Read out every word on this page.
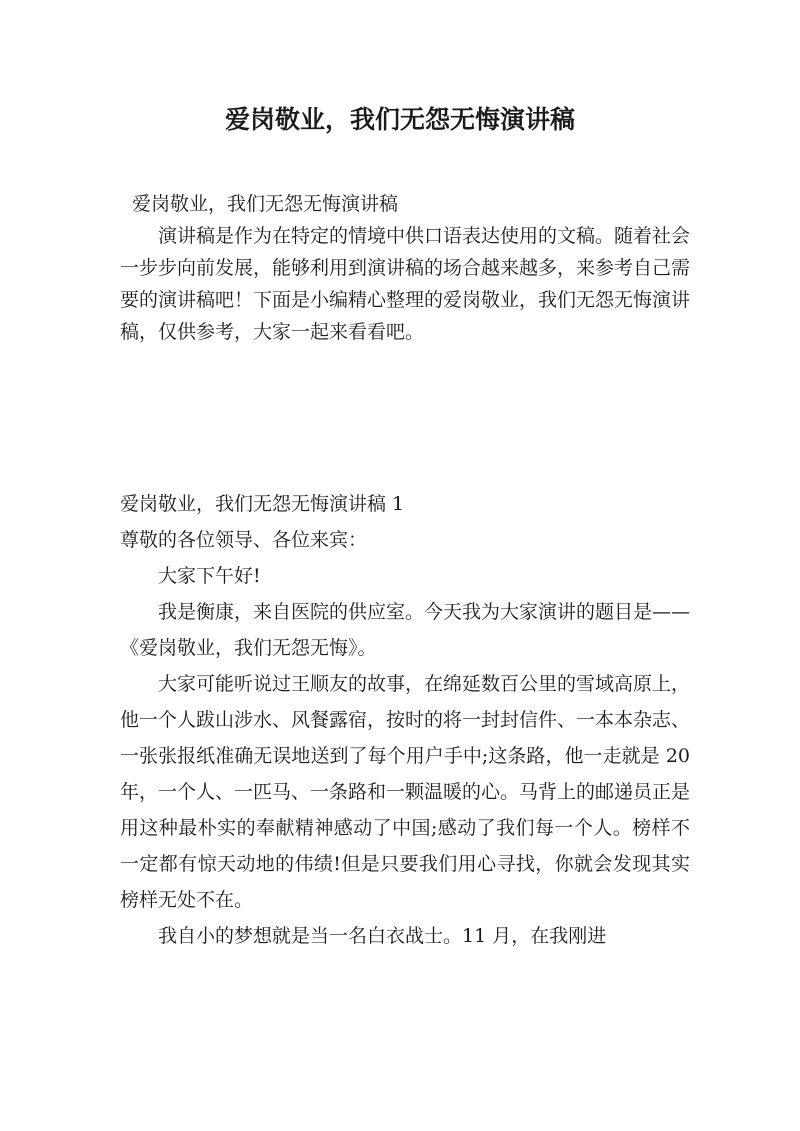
爱岗敬业，我们无怨无悔演讲稿

爱岗敬业，我们无怨无悔演讲稿

演讲稿是作为在特定的情境中供口语表达使用的文稿。随着社会一步步向前发展，能够利用到演讲稿的场合越来越多，来参考自己需要的演讲稿吧！下面是小编精心整理的爱岗敬业，我们无怨无悔演讲稿，仅供参考，大家一起来看看吧。

爱岗敬业，我们无怨无悔演讲稿 1

尊敬的各位领导、各位来宾：

大家下午好!

我是衡康，来自医院的供应室。今天我为大家演讲的题目是——《爱岗敬业，我们无怨无悔》。

大家可能听说过王顺友的故事，在绵延数百公里的雪域高原上，他一个人跋山涉水、风餐露宿，按时的将一封封信件、一本本杂志、一张张报纸准确无误地送到了每个用户手中;这条路，他一走就是 20 年，一个人、一匹马、一条路和一颗温暖的心。马背上的邮递员正是用这种最朴实的奉献精神感动了中国;感动了我们每一个人。榜样不一定都有惊天动地的伟绩!但是只要我们用心寻找，你就会发现其实榜样无处不在。

我自小的梦想就是当一名白衣战士。11 月，在我刚进
